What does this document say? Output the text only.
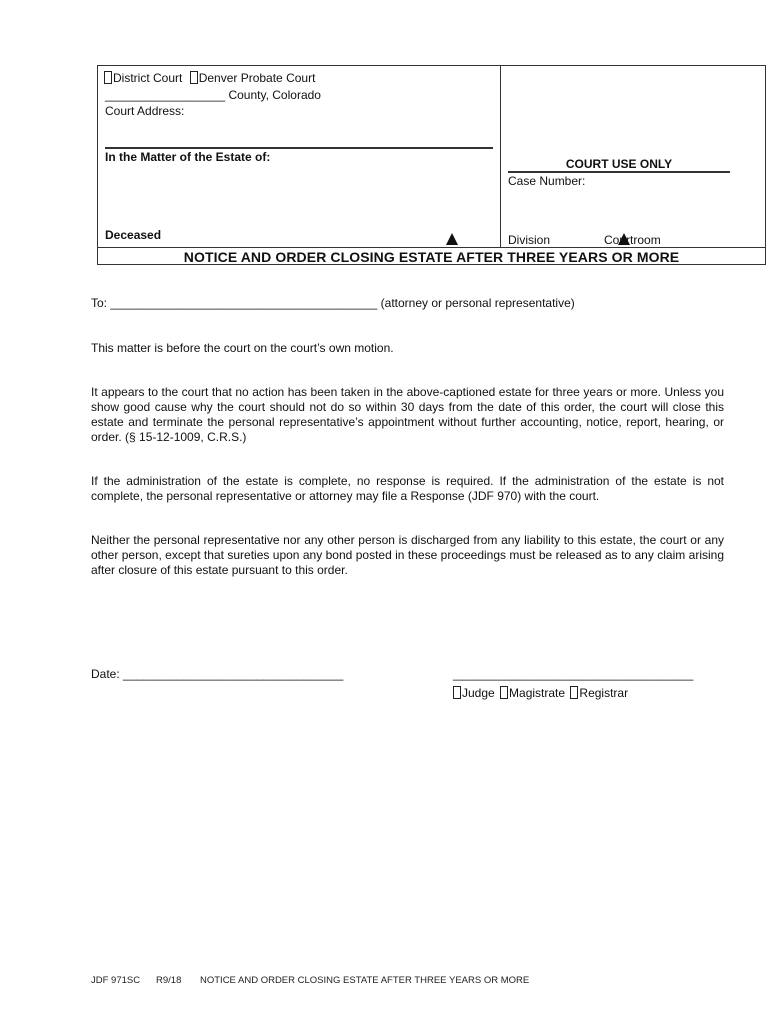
District Court Denver Probate Court
__________________ County, Colorado
Court Address:
In the Matter of the Estate of:
Deceased
COURT USE ONLY
Case Number:
Division	Courtroom
NOTICE AND ORDER CLOSING ESTATE AFTER THREE YEARS OR MORE
To: ________________________________________ (attorney or personal representative)
This matter is before the court on the court’s own motion.
It appears to the court that no action has been taken in the above-captioned estate for three years or more. Unless you show good cause why the court should not do so within 30 days from the date of this order, the court will close this estate and terminate the personal representative’s appointment without further accounting, notice, report, hearing, or order. (§ 15-12-1009, C.R.S.)
If the administration of the estate is complete, no response is required. If the administration of the estate is not complete, the personal representative or attorney may file a Response (JDF 970) with the court.
Neither the personal representative nor any other person is discharged from any liability to this estate, the court or any other person, except that sureties upon any bond posted in these proceedings must be released as to any claim arising after closure of this estate pursuant to this order.
Date: _________________________________	____________________________________
Judge Magistrate Registrar
JDF 971SC R9/18 NOTICE AND ORDER CLOSING ESTATE AFTER THREE YEARS OR MORE
